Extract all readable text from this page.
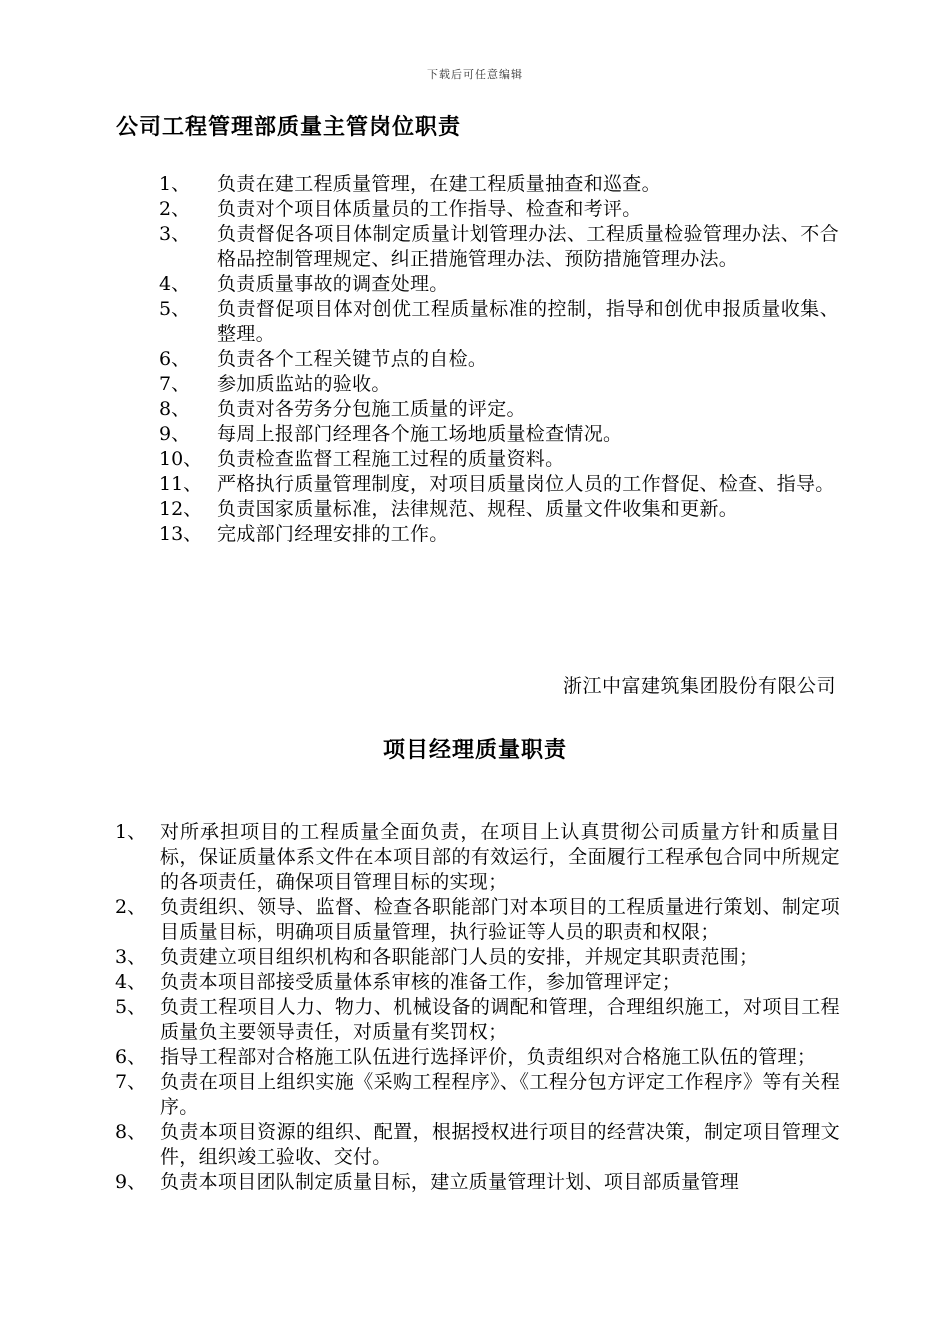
下载后可任意编辑
公司工程管理部质量主管岗位职责
1、	负责在建工程质量管理，在建工程质量抽查和巡查。
2、	负责对个项目体质量员的工作指导、检查和考评。
3、	负责督促各项目体制定质量计划管理办法、工程质量检验管理办法、不合格品控制管理规定、纠正措施管理办法、预防措施管理办法。
4、	负责质量事故的调查处理。
5、	负责督促项目体对创优工程质量标准的控制，指导和创优申报质量收集、整理。
6、	负责各个工程关键节点的自检。
7、	参加质监站的验收。
8、	负责对各劳务分包施工质量的评定。
9、	每周上报部门经理各个施工场地质量检查情况。
10、 负责检查监督工程施工过程的质量资料。
11、 严格执行质量管理制度，对项目质量岗位人员的工作督促、检查、指导。
12、 负责国家质量标准，法律规范、规程、质量文件收集和更新。
13、 完成部门经理安排的工作。
浙江中富建筑集团股份有限公司
项目经理质量职责
1、 对所承担项目的工程质量全面负责，在项目上认真贯彻公司质量方针和质量目标，保证质量体系文件在本项目部的有效运行，全面履行工程承包合同中所规定的各项责任，确保项目管理目标的实现；
2、 负责组织、领导、监督、检查各职能部门对本项目的工程质量进行策划、制定项目质量目标，明确项目质量管理，执行验证等人员的职责和权限；
3、 负责建立项目组织机构和各职能部门人员的安排，并规定其职责范围；
4、 负责本项目部接受质量体系审核的准备工作，参加管理评定；
5、 负责工程项目人力、物力、机械设备的调配和管理，合理组织施工，对项目工程质量负主要领导责任，对质量有奖罚权；
6、 指导工程部对合格施工队伍进行选择评价，负责组织对合格施工队伍的管理；
7、 负责在项目上组织实施《采购工程程序》、《工程分包方评定工作程序》等有关程序。
8、 负责本项目资源的组织、配置，根据授权进行项目的经营决策，制定项目管理文件，组织竣工验收、交付。
9、 负责本项目团队制定质量目标，建立质量管理计划、项目部质量管理
